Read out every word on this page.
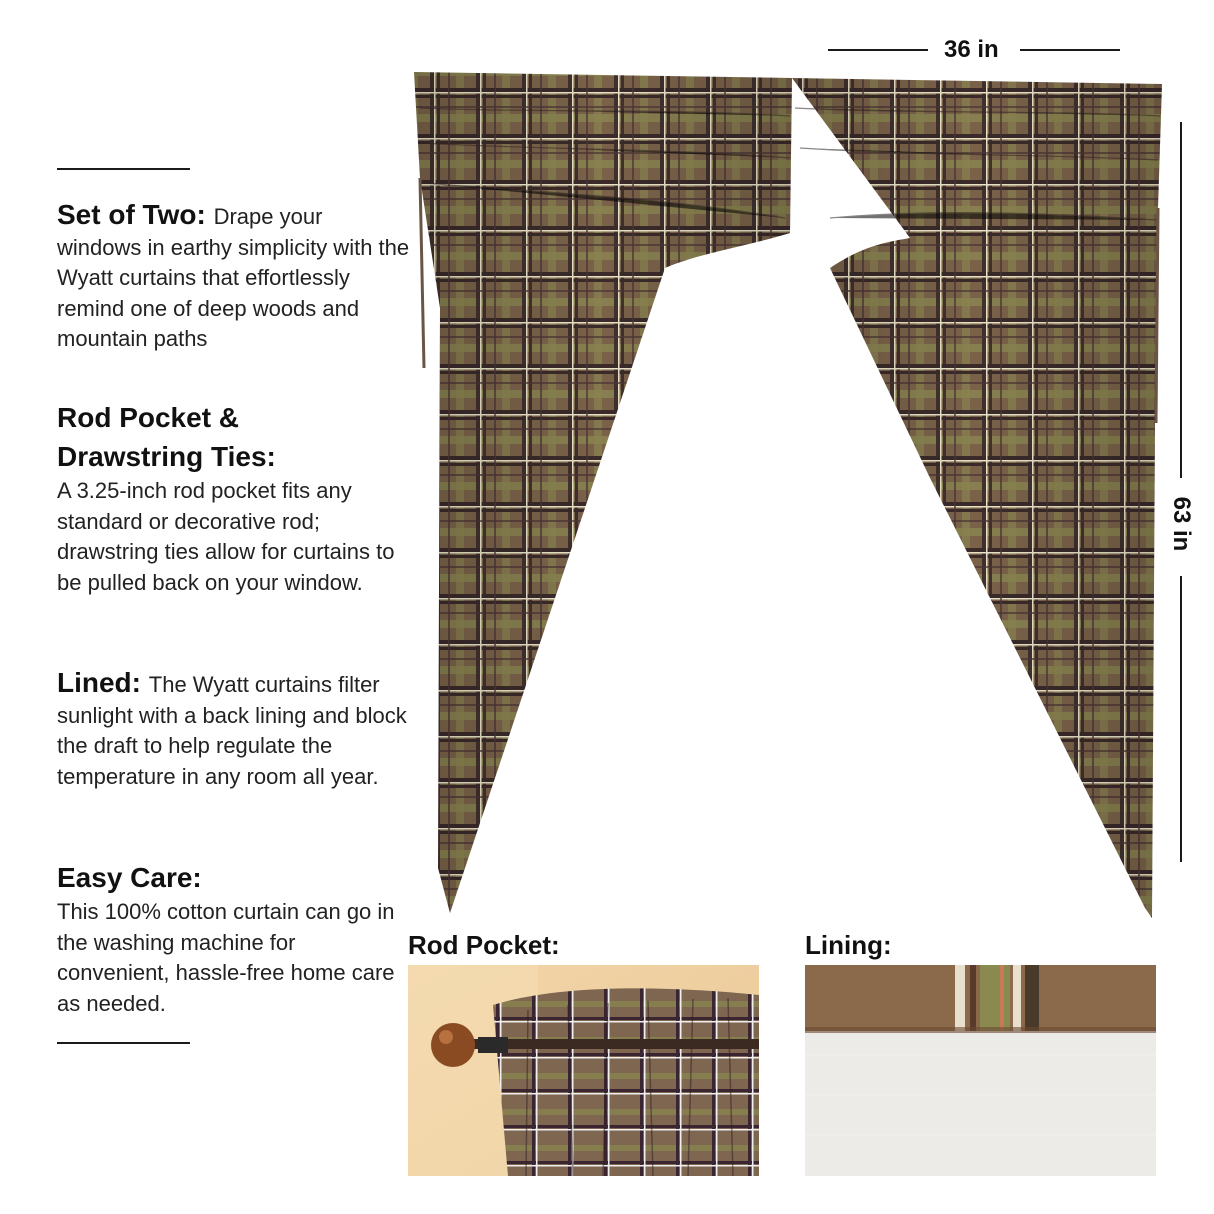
Set of Two: Drape your windows in earthy simplicity with the Wyatt curtains that effortlessly remind one of deep woods and mountain paths
Rod Pocket &
Drawstring Ties:
A 3.25-inch rod pocket fits any standard or decorative rod; drawstring ties allow for curtains to be pulled back on your window.
Lined: The Wyatt curtains filter sunlight with a back lining and block the draft to help regulate the temperature in any room all year.
Easy Care:
This 100% cotton curtain can go in the washing machine for convenient, hassle-free home care as needed.
36 in
63 in
Rod Pocket:	Lining:
